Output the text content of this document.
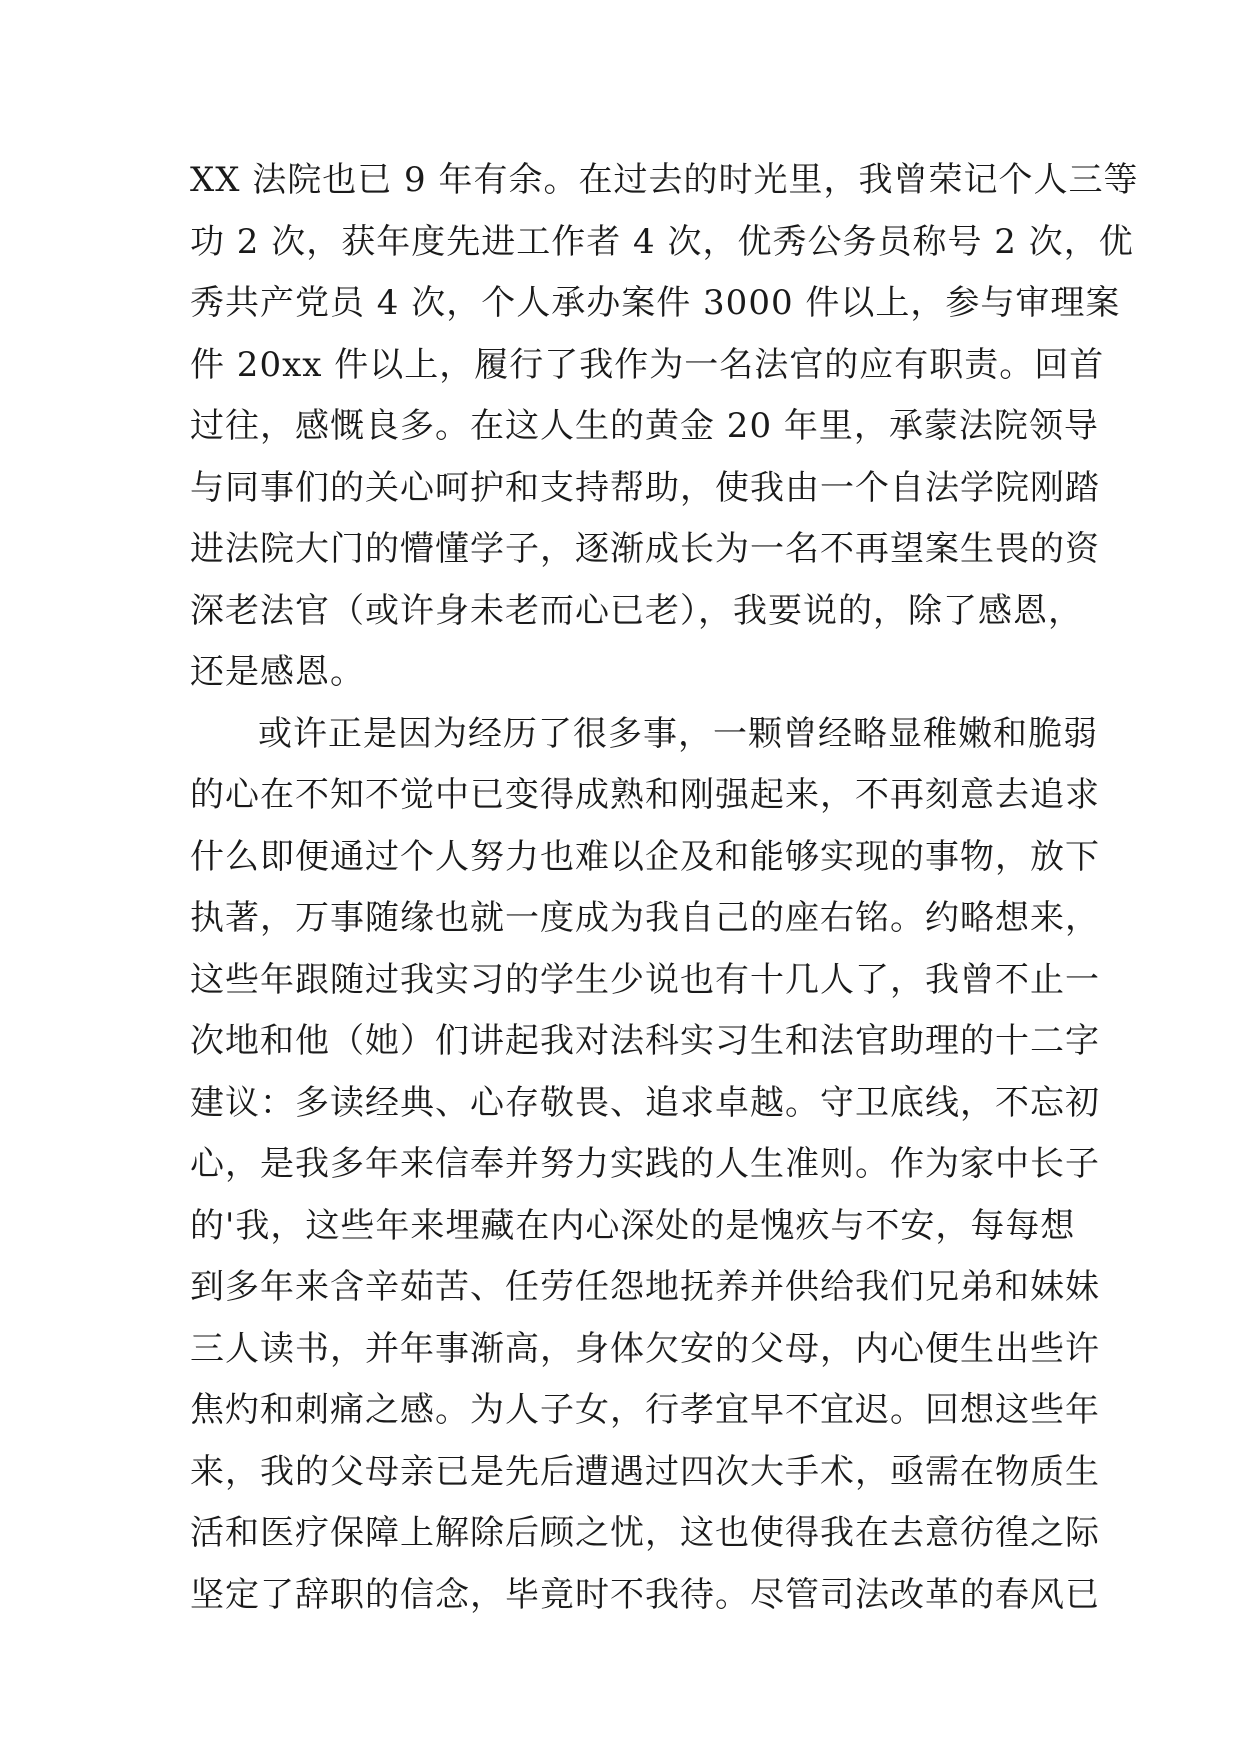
XX 法院也已 9 年有余。在过去的时光里，我曾荣记个人三等
功 2 次，获年度先进工作者 4 次，优秀公务员称号 2 次，优
秀共产党员 4 次，个人承办案件 3000 件以上，参与审理案
件 20xx 件以上，履行了我作为一名法官的应有职责。回首
过往，感慨良多。在这人生的黄金 20 年里，承蒙法院领导
与同事们的关心呵护和支持帮助，使我由一个自法学院刚踏
进法院大门的懵懂学子，逐渐成长为一名不再望案生畏的资
深老法官（或许身未老而心已老），我要说的，除了感恩，
还是感恩。
或许正是因为经历了很多事，一颗曾经略显稚嫩和脆弱
的心在不知不觉中已变得成熟和刚强起来，不再刻意去追求
什么即便通过个人努力也难以企及和能够实现的事物，放下
执著，万事随缘也就一度成为我自己的座右铭。约略想来，
这些年跟随过我实习的学生少说也有十几人了，我曾不止一
次地和他（她）们讲起我对法科实习生和法官助理的十二字
建议：多读经典、心存敬畏、追求卓越。守卫底线，不忘初
心，是我多年来信奉并努力实践的人生准则。作为家中长子
的'我，这些年来埋藏在内心深处的是愧疚与不安，每每想
到多年来含辛茹苦、任劳任怨地抚养并供给我们兄弟和妹妹
三人读书，并年事渐高，身体欠安的父母，内心便生出些许
焦灼和刺痛之感。为人子女，行孝宜早不宜迟。回想这些年
来，我的父母亲已是先后遭遇过四次大手术，亟需在物质生
活和医疗保障上解除后顾之忧，这也使得我在去意彷徨之际
坚定了辞职的信念，毕竟时不我待。尽管司法改革的春风已
